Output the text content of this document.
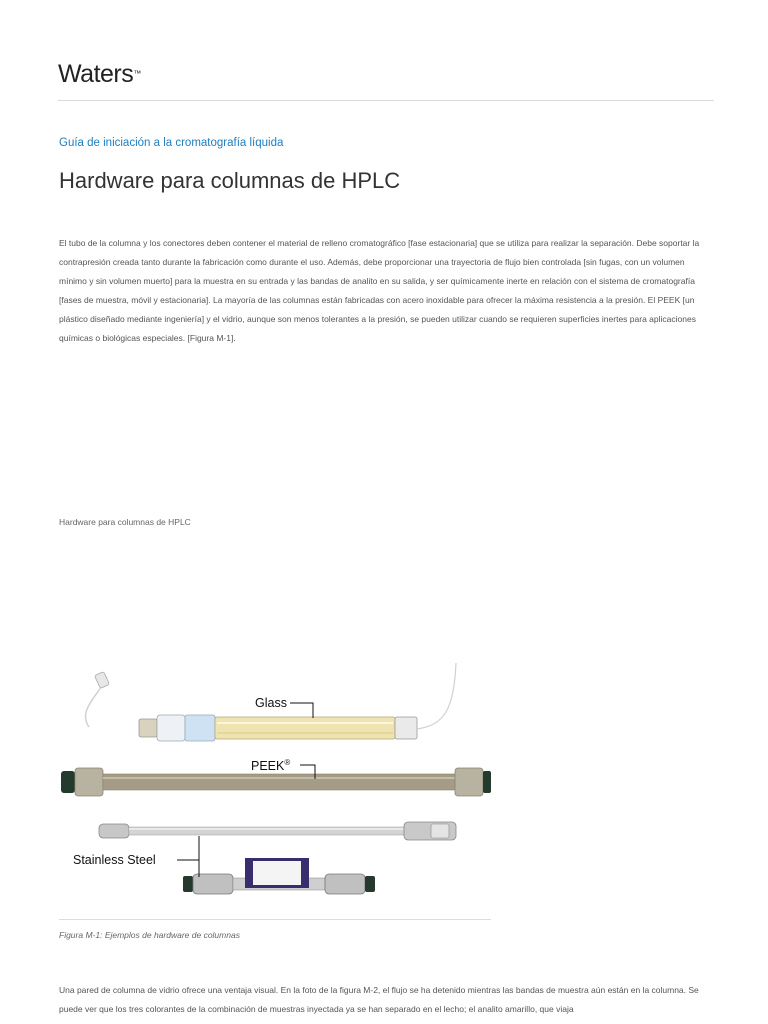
Waters™
Guía de iniciación a la cromatografía líquida
Hardware para columnas de HPLC

El tubo de la columna y los conectores deben contener el material de relleno cromatográfico [fase estacionaria] que se utiliza para realizar la separación. Debe soportar la contrapresión creada tanto durante la fabricación como durante el uso. Además, debe proporcionar una trayectoria de flujo bien controlada [sin fugas, con un volumen mínimo y sin volumen muerto] para la muestra en su entrada y las bandas de analito en su salida, y ser químicamente inerte en relación con el sistema de cromatografía [fases de muestra, móvil y estacionaria]. La mayoría de las columnas están fabricadas con acero inoxidable para ofrecer la máxima resistencia a la presión. El PEEK [un plástico diseñado mediante ingeniería] y el vidrio, aunque son menos tolerantes a la presión, se pueden utilizar cuando se requieren superficies inertes para aplicaciones químicas o biológicas especiales. [Figura M-1].

Hardware para columnas de HPLC
Glass
PEEK®
Stainless Steel
Figura M-1: Ejemplos de hardware de columnas

Una pared de columna de vidrio ofrece una ventaja visual. En la foto de la figura M-2, el flujo se ha detenido mientras las bandas de muestra aún están en la columna. Se puede ver que los tres colorantes de la combinación de muestras inyectada ya se han separado en el lecho; el analito amarillo, que viaja
